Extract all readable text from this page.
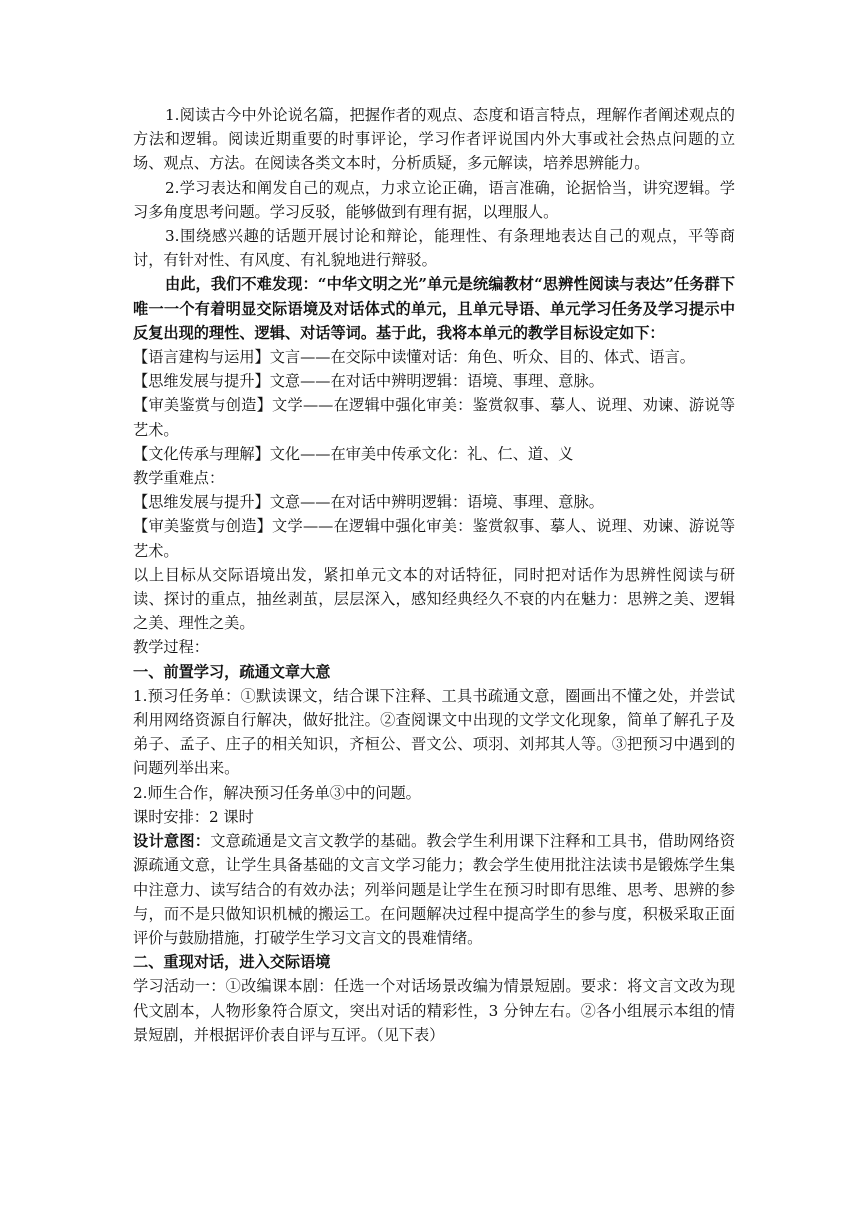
1.阅读古今中外论说名篇，把握作者的观点、态度和语言特点，理解作者阐述观点的方法和逻辑。阅读近期重要的时事评论，学习作者评说国内外大事或社会热点问题的立场、观点、方法。在阅读各类文本时，分析质疑，多元解读，培养思辨能力。

2.学习表达和阐发自己的观点，力求立论正确，语言准确，论据恰当，讲究逻辑。学习多角度思考问题。学习反驳，能够做到有理有据，以理服人。

3.围绕感兴趣的话题开展讨论和辩论，能理性、有条理地表达自己的观点，平等商讨，有针对性、有风度、有礼貌地进行辩驳。

由此，我们不难发现：“中华文明之光”单元是统编教材“思辨性阅读与表达”任务群下唯一一个有着明显交际语境及对话体式的单元，且单元导语、单元学习任务及学习提示中反复出现的理性、逻辑、对话等词。基于此，我将本单元的教学目标设定如下：

【语言建构与运用】文言——在交际中读懂对话：角色、听众、目的、体式、语言。

【思维发展与提升】文意——在对话中辨明逻辑：语境、事理、意脉。

【审美鉴赏与创造】文学——在逻辑中强化审美：鉴赏叙事、摹人、说理、劝谏、游说等艺术。

【文化传承与理解】文化——在审美中传承文化：礼、仁、道、义

教学重难点：

【思维发展与提升】文意——在对话中辨明逻辑：语境、事理、意脉。

【审美鉴赏与创造】文学——在逻辑中强化审美：鉴赏叙事、摹人、说理、劝谏、游说等艺术。

以上目标从交际语境出发，紧扣单元文本的对话特征，同时把对话作为思辨性阅读与研读、探讨的重点，抽丝剥茧，层层深入，感知经典经久不衰的内在魅力：思辨之美、逻辑之美、理性之美。

教学过程：

一、前置学习，疏通文章大意

1.预习任务单：①默读课文，结合课下注释、工具书疏通文意，圈画出不懂之处，并尝试利用网络资源自行解决，做好批注。②查阅课文中出现的文学文化现象，简单了解孔子及弟子、孟子、庄子的相关知识，齐桓公、晋文公、项羽、刘邦其人等。③把预习中遇到的问题列举出来。

2.师生合作，解决预习任务单③中的问题。

课时安排：2 课时

设计意图：文意疏通是文言文教学的基础。教会学生利用课下注释和工具书，借助网络资源疏通文意，让学生具备基础的文言文学习能力；教会学生使用批注法读书是锻炼学生集中注意力、读写结合的有效办法；列举问题是让学生在预习时即有思维、思考、思辨的参与，而不是只做知识机械的搬运工。在问题解决过程中提高学生的参与度，积极采取正面评价与鼓励措施，打破学生学习文言文的畏难情绪。

二、重现对话，进入交际语境

学习活动一：①改编课本剧：任选一个对话场景改编为情景短剧。要求：将文言文改为现代文剧本，人物形象符合原文，突出对话的精彩性，3 分钟左右。②各小组展示本组的情景短剧，并根据评价表自评与互评。（见下表）
